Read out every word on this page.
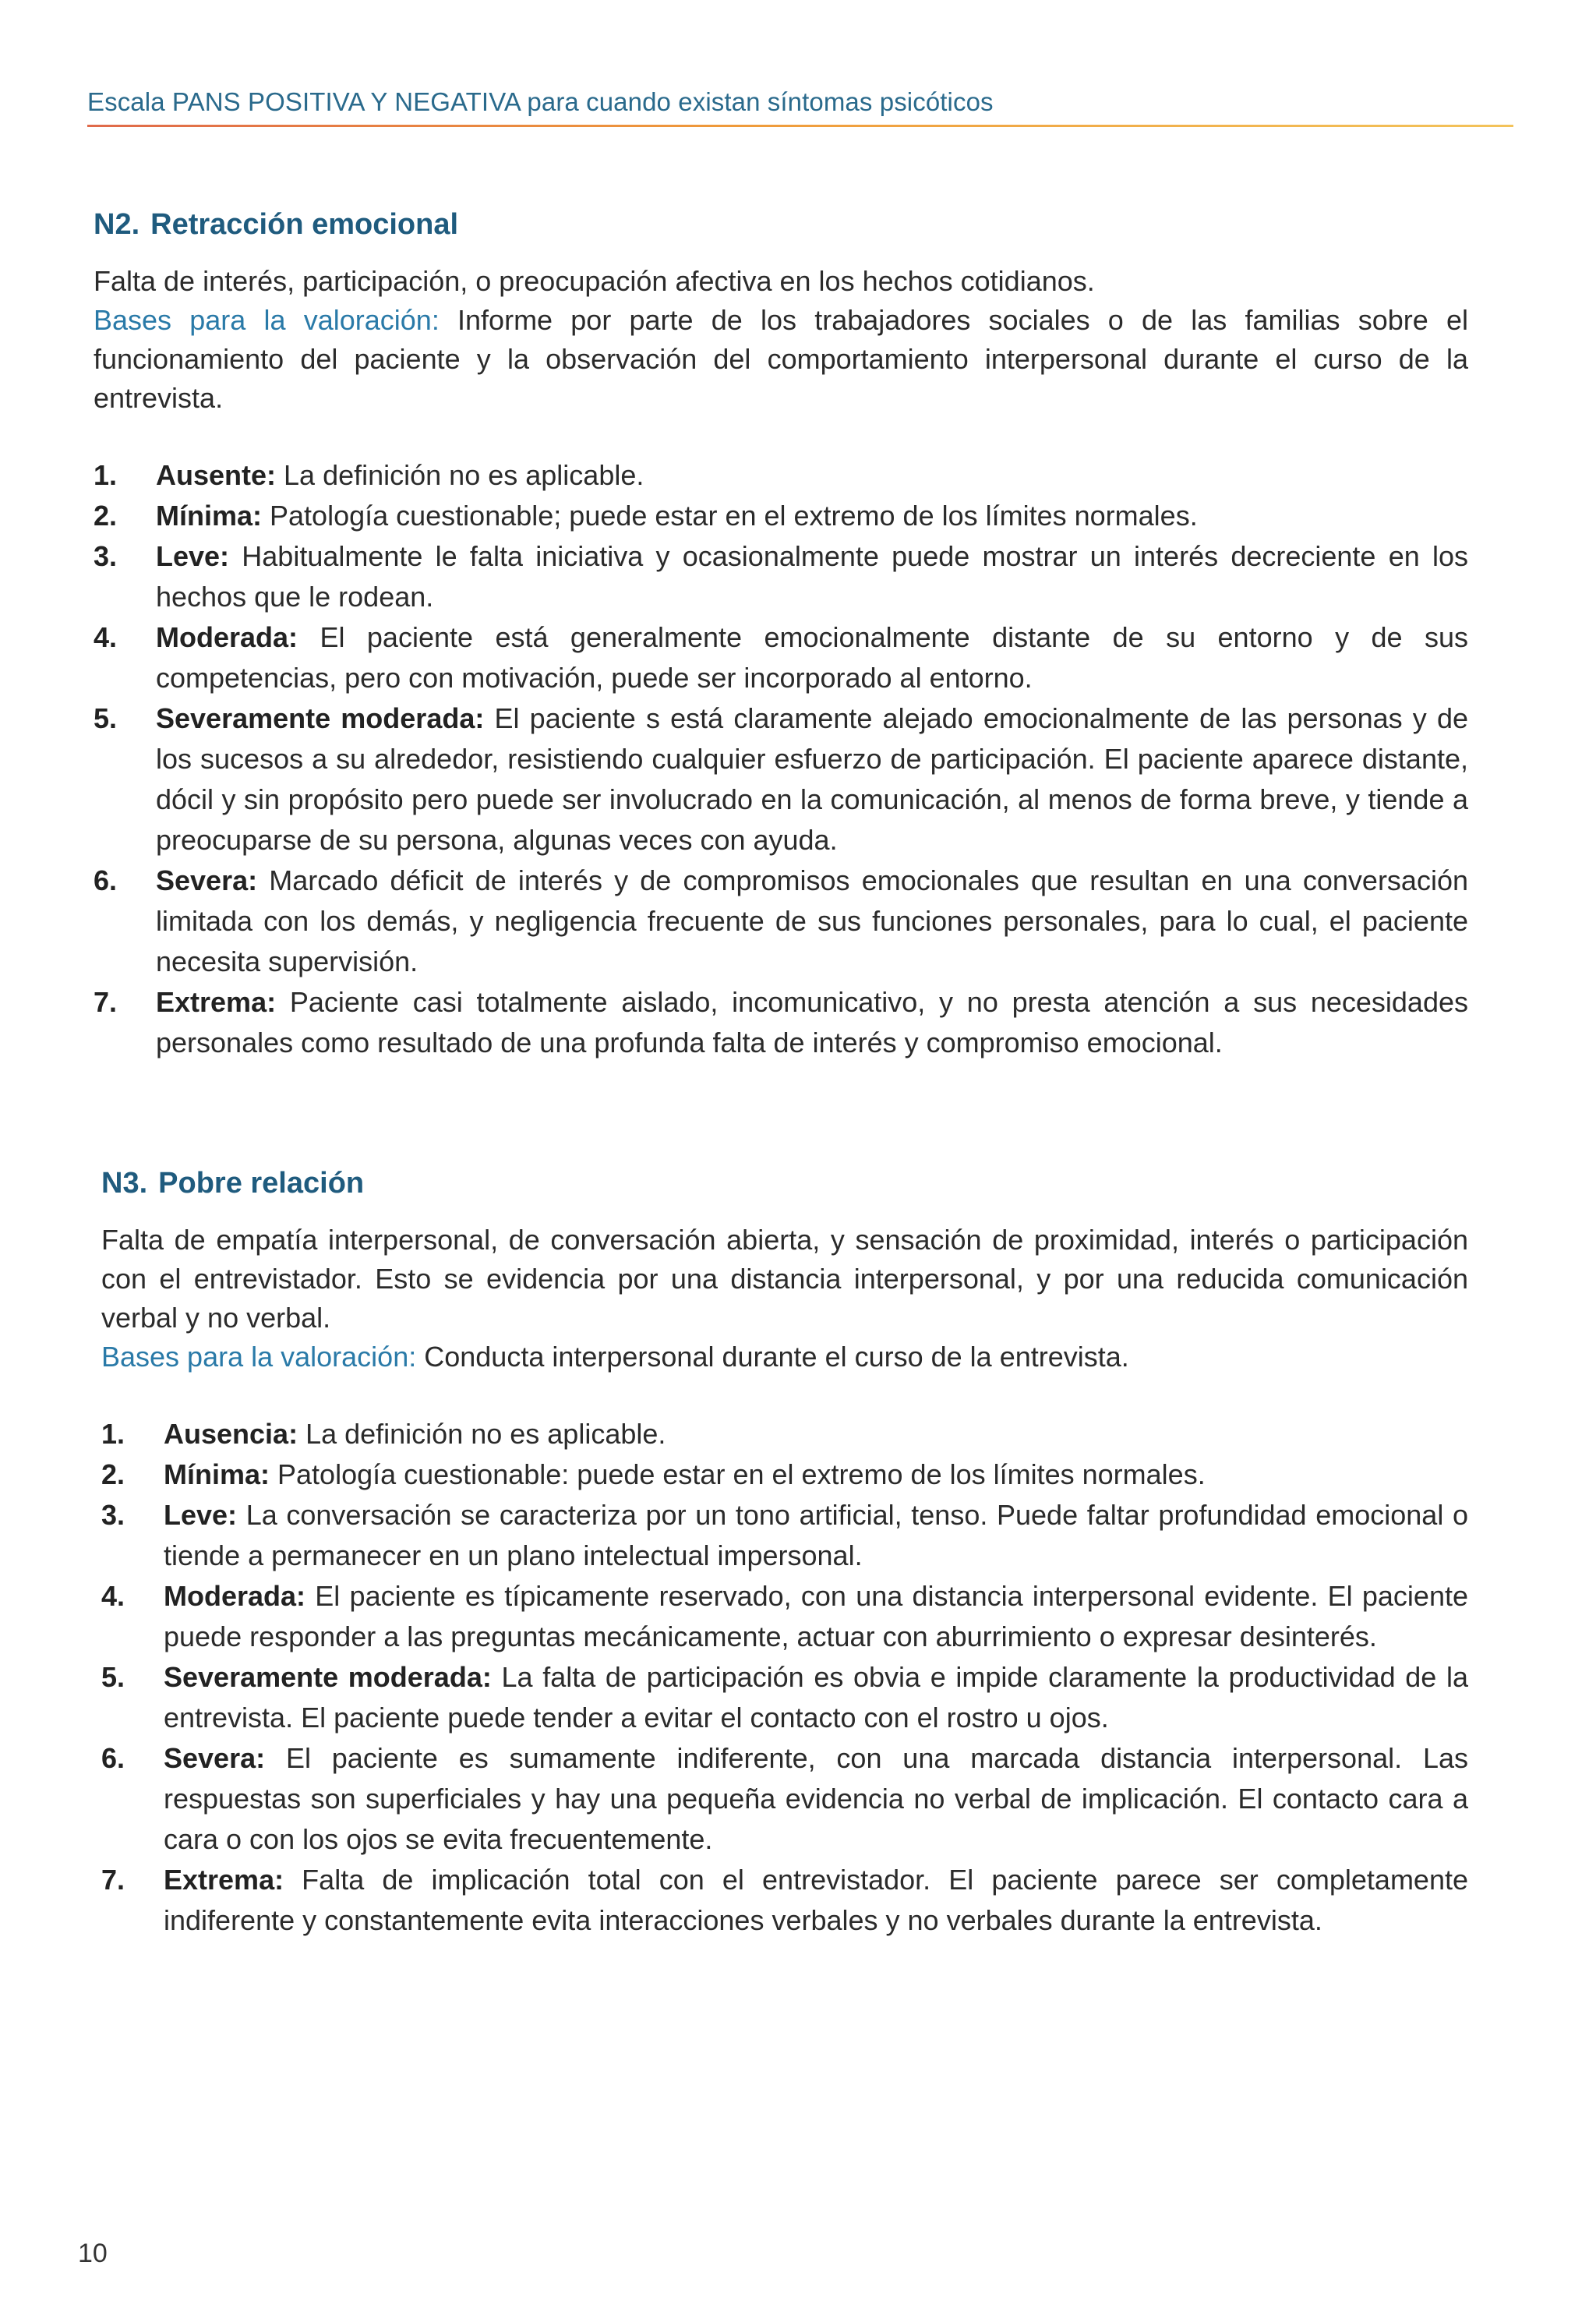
Escala PANS POSITIVA Y NEGATIVA para cuando existan síntomas psicóticos
N2. Retracción emocional

Falta de interés, participación, o preocupación afectiva en los hechos cotidianos.

Bases para la valoración: Informe por parte de los trabajadores sociales o de las familias sobre el funcionamiento del paciente y la observación del comportamiento interpersonal durante el curso de la entrevista.

1.	Ausente: La definición no es aplicable.
2.	Mínima: Patología cuestionable; puede estar en el extremo de los límites normales.
3.	Leve: Habitualmente le falta iniciativa y ocasionalmente puede mostrar un interés decreciente en los hechos que le rodean.
4.	Moderada: El paciente está generalmente emocionalmente distante de su entorno y de sus competencias, pero con motivación, puede ser incorporado al entorno.
5.	Severamente moderada: El paciente s está claramente alejado emocionalmente de las personas y de los sucesos a su alrededor, resistiendo cualquier esfuerzo de participación. El paciente aparece distante, dócil y sin propósito pero puede ser involucrado en la comunicación, al menos de forma breve, y tiende a preocuparse de su persona, algunas veces con ayuda.
6.	Severa: Marcado déficit de interés y de compromisos emocionales que resultan en una conversación limitada con los demás, y negligencia frecuente de sus funciones personales, para lo cual, el paciente necesita supervisión.
7.	Extrema: Paciente casi totalmente aislado, incomunicativo, y no presta atención a sus necesidades personales como resultado de una profunda falta de interés y compromiso emocional.
N3. Pobre relación

Falta de empatía interpersonal, de conversación abierta, y sensación de proximidad, interés o participación con el entrevistador. Esto se evidencia por una distancia interpersonal, y por una reducida comunicación verbal y no verbal.

Bases para la valoración: Conducta interpersonal durante el curso de la entrevista.

1.	Ausencia: La definición no es aplicable.
2.	Mínima: Patología cuestionable: puede estar en el extremo de los límites normales.
3.	Leve: La conversación se caracteriza por un tono artificial, tenso. Puede faltar profundidad emocional o tiende a permanecer en un plano intelectual impersonal.
4.	Moderada: El paciente es típicamente reservado, con una distancia interpersonal evidente. El paciente puede responder a las preguntas mecánicamente, actuar con aburrimiento o expresar desinterés.
5.	Severamente moderada: La falta de participación es obvia e impide claramente la productividad de la entrevista. El paciente puede tender a evitar el contacto con el rostro u ojos.
6.	Severa: El paciente es sumamente indiferente, con una marcada distancia interpersonal. Las respuestas son superficiales y hay una pequeña evidencia no verbal de implicación. El contacto cara a cara o con los ojos se evita frecuentemente.
7.	Extrema: Falta de implicación total con el entrevistador. El paciente parece ser completamente indiferente y constantemente evita interacciones verbales y no verbales durante la entrevista.
10
